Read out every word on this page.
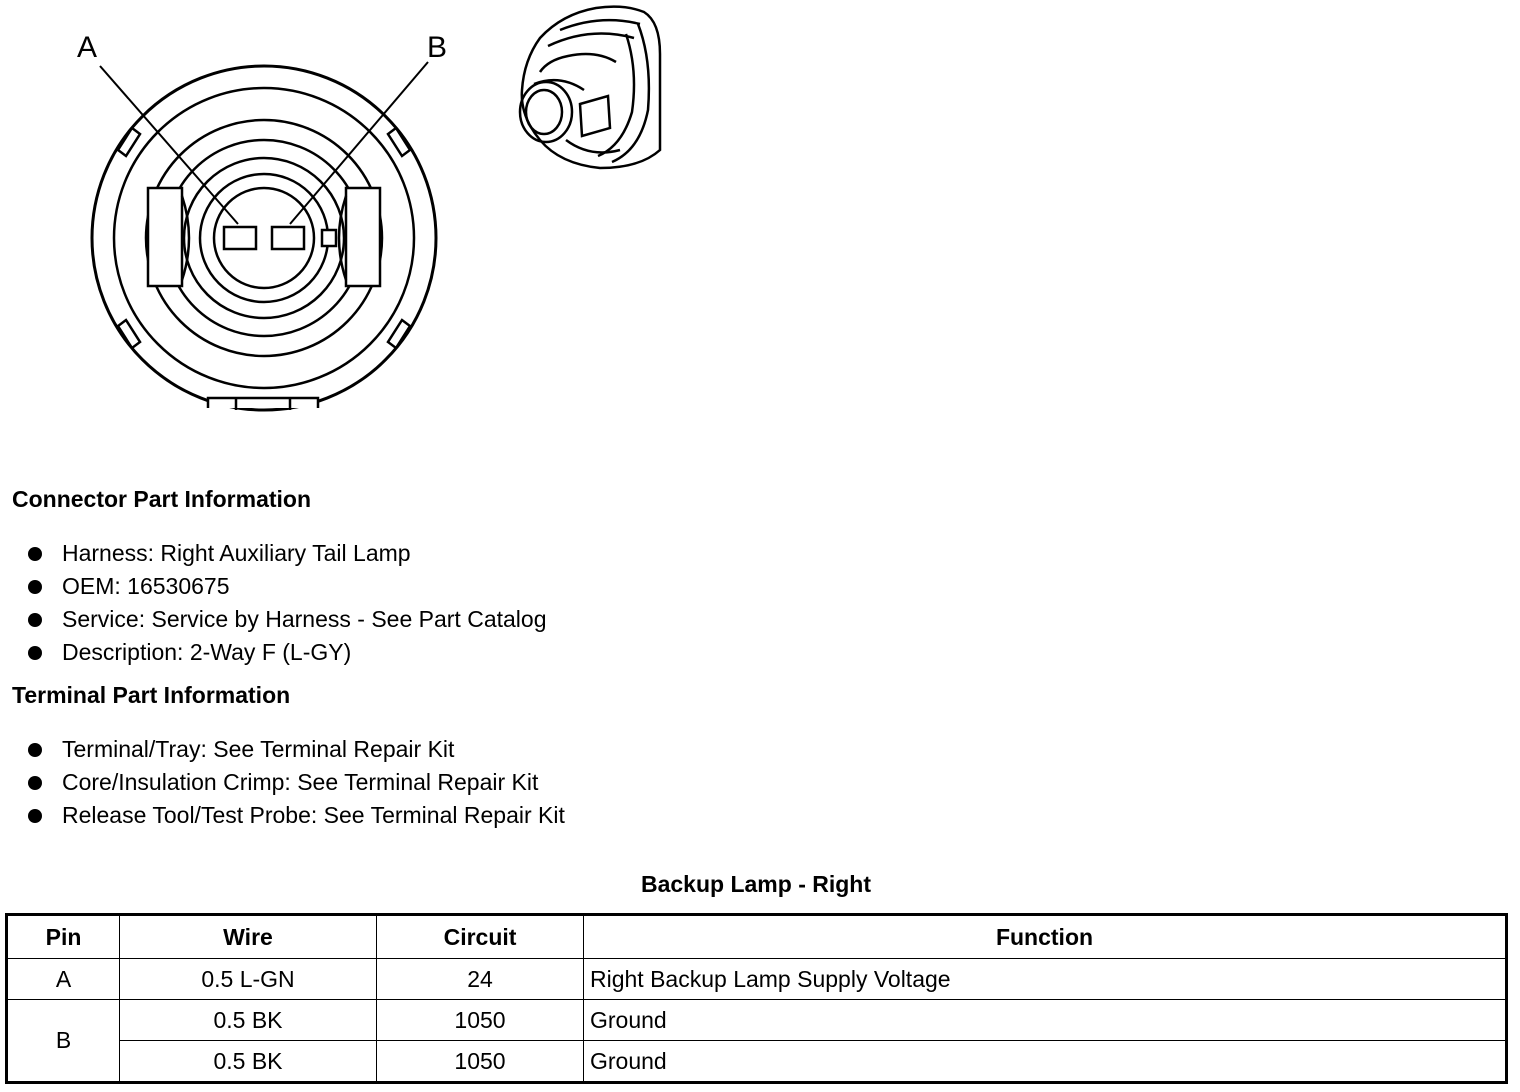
A	B
Connector Part Information
Harness: Right Auxiliary Tail Lamp
OEM: 16530675
Service: Service by Harness - See Part Catalog
Description: 2-Way F (L-GY)
Terminal Part Information
Terminal/Tray: See Terminal Repair Kit
Core/Insulation Crimp: See Terminal Repair Kit
Release Tool/Test Probe: See Terminal Repair Kit
Backup Lamp - Right
Pin	Wire	Circuit	Function
A	0.5 L-GN	24	Right Backup Lamp Supply Voltage
B	0.5 BK	1050	Ground
	0.5 BK	1050	Ground
